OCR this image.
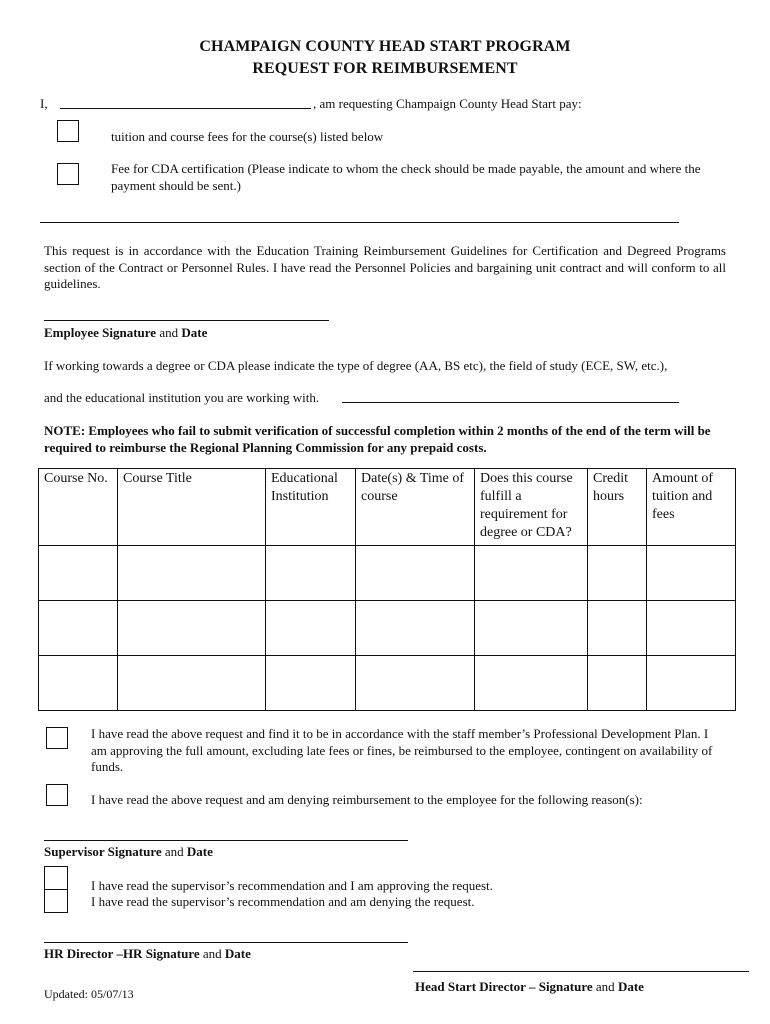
CHAMPAIGN COUNTY HEAD START PROGRAM
REQUEST FOR REIMBURSEMENT
I,	, am requesting Champaign County Head Start pay:
tuition and course fees for the course(s) listed below
Fee for CDA certification (Please indicate to whom the check should be made payable, the amount and where the payment should be sent.)
This request is in accordance with the Education Training Reimbursement Guidelines for Certification and Degreed Programs section of the Contract or Personnel Rules. I have read the Personnel Policies and bargaining unit contract and will conform to all guidelines.
Employee Signature and Date
If working towards a degree or CDA please indicate the type of degree (AA, BS etc), the field of study (ECE, SW, etc.),
and the educational institution you are working with.
NOTE: Employees who fail to submit verification of successful completion within 2 months of the end of the term will be required to reimburse the Regional Planning Commission for any prepaid costs.
Course No.	Course Title	Educational Institution	Date(s) & Time of course	Does this course fulfill a requirement for degree or CDA?	Credit hours	Amount of tuition and fees

I have read the above request and find it to be in accordance with the staff member’s Professional Development Plan. I am approving the full amount, excluding late fees or fines, be reimbursed to the employee, contingent on availability of funds.
I have read the above request and am denying reimbursement to the employee for the following reason(s):
Supervisor Signature and Date
I have read the supervisor’s recommendation and I am approving the request.
I have read the supervisor’s recommendation and am denying the request.
HR Director –HR Signature and Date
Updated: 05/07/13	Head Start Director – Signature and Date
